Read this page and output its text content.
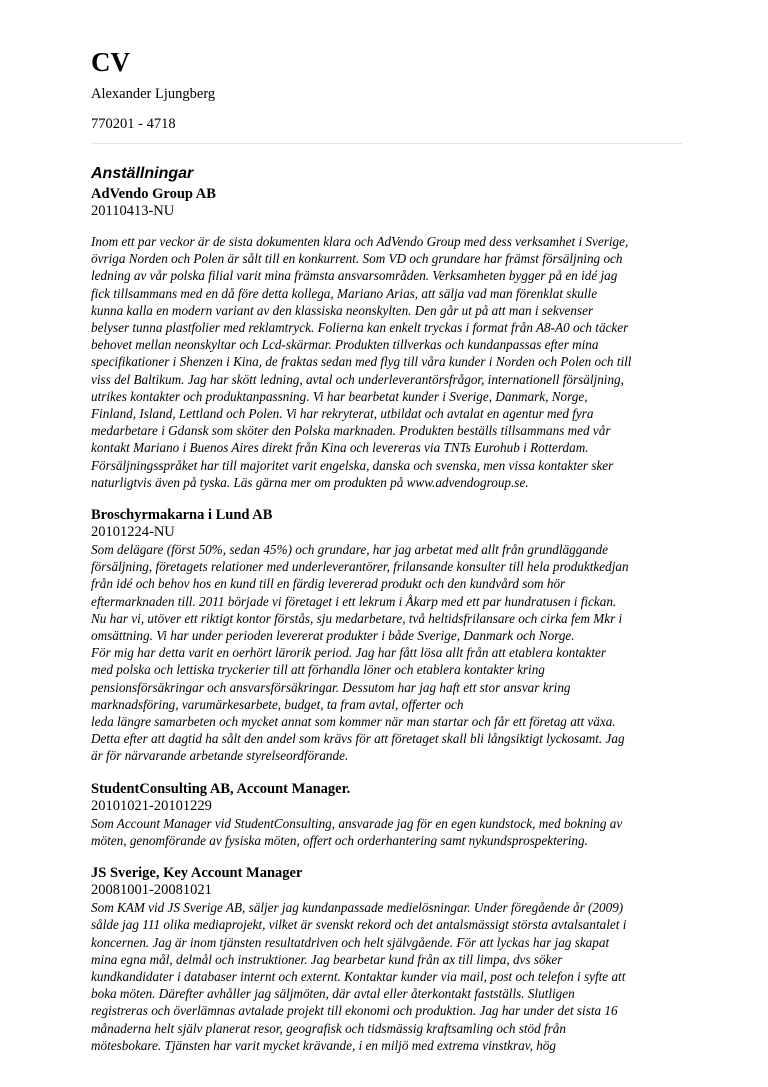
CV
Alexander Ljungberg
770201 - 4718
Anställningar
AdVendo Group AB
20110413-NU

Inom ett par veckor är de sista dokumenten klara och AdVendo Group med dess verksamhet i Sverige,
övriga Norden och Polen är sålt till en konkurrent. Som VD och grundare har främst försäljning och
ledning av vår polska filial varit mina främsta ansvarsområden. Verksamheten bygger på en idé jag
fick tillsammans med en då före detta kollega, Mariano Arias, att sälja vad man förenklat skulle
kunna kalla en modern variant av den klassiska neonskylten. Den går ut på att man i sekvenser
belyser tunna plastfolier med reklamtryck. Folierna kan enkelt tryckas i format från A8-A0 och täcker
behovet mellan neonskyltar och Lcd-skärmar. Produkten tillverkas och kundanpassas efter mina
specifikationer i Shenzen i Kina, de fraktas sedan med flyg till våra kunder i Norden och Polen och till
viss del Baltikum. Jag har skött ledning, avtal och underleverantörsfrågor, internationell försäljning,
utrikes kontakter och produktanpassning. Vi har bearbetat kunder i Sverige, Danmark, Norge,
Finland, Island, Lettland och Polen. Vi har rekryterat, utbildat och avtalat en agentur med fyra
medarbetare i Gdansk som sköter den Polska marknaden. Produkten beställs tillsammans med vår
kontakt Mariano i Buenos Aires direkt från Kina och levereras via TNTs Eurohub i Rotterdam.
Försäljningsspråket har till majoritet varit engelska, danska och svenska, men vissa kontakter sker
naturligtvis även på tyska. Läs gärna mer om produkten på www.advendogroup.se.

Broschyrmakarna i Lund AB
20101224-NU

Som delägare (först 50%, sedan 45%) och grundare, har jag arbetat med allt från grundläggande
försäljning, företagets relationer med underleverantörer, frilansande konsulter till hela produktkedjan
från idé och behov hos en kund till en färdig levererad produkt och den kundvård som hör
eftermarknaden till. 2011 började vi företaget i ett lekrum i Åkarp med ett par hundratusen i fickan.
Nu har vi, utöver ett riktigt kontor förstås, sju medarbetare, två heltidsfrilansare och cirka fem Mkr i
omsättning. Vi har under perioden levererat produkter i både Sverige, Danmark och Norge.
För mig har detta varit en oerhört lärorik period. Jag har fått lösa allt från att etablera kontakter
med polska och lettiska tryckerier till att förhandla löner och etablera kontakter kring
pensionsförsäkringar och ansvarsförsäkringar. Dessutom har jag haft ett stor ansvar kring
marknadsföring, varumärkesarbete, budget, ta fram avtal, offerter och
leda längre samarbeten och mycket annat som kommer när man startar och får ett företag att växa.
Detta efter att dagtid ha sålt den andel som krävs för att företaget skall bli långsiktigt lyckosamt. Jag
är för närvarande arbetande styrelseordförande.

StudentConsulting AB, Account Manager.
20101021-20101229

Som Account Manager vid StudentConsulting, ansvarade jag för en egen kundstock, med bokning av
möten, genomförande av fysiska möten, offert och orderhantering samt nykundsprospektering.

JS Sverige, Key Account Manager
20081001-20081021

Som KAM vid JS Sverige AB, säljer jag kundanpassade medielösningar. Under föregående år (2009)
sålde jag 111 olika mediaprojekt, vilket är svenskt rekord och det antalsmässigt största avtalsantalet i
koncernen. Jag är inom tjänsten resultatdriven och helt självgående. För att lyckas har jag skapat
mina egna mål, delmål och instruktioner. Jag bearbetar kund från ax till limpa, dvs söker
kundkandidater i databaser internt och externt. Kontaktar kunder via mail, post och telefon i syfte att
boka möten. Därefter avhåller jag säljmöten, där avtal eller återkontakt fastställs. Slutligen
registreras och överlämnas avtalade projekt till ekonomi och produktion. Jag har under det sista 16
månaderna helt själv planerat resor, geografisk och tidsmässig kraftsamling och stöd från
mötesbokare. Tjänsten har varit mycket krävande, i en miljö med extrema vinstkrav, hög
